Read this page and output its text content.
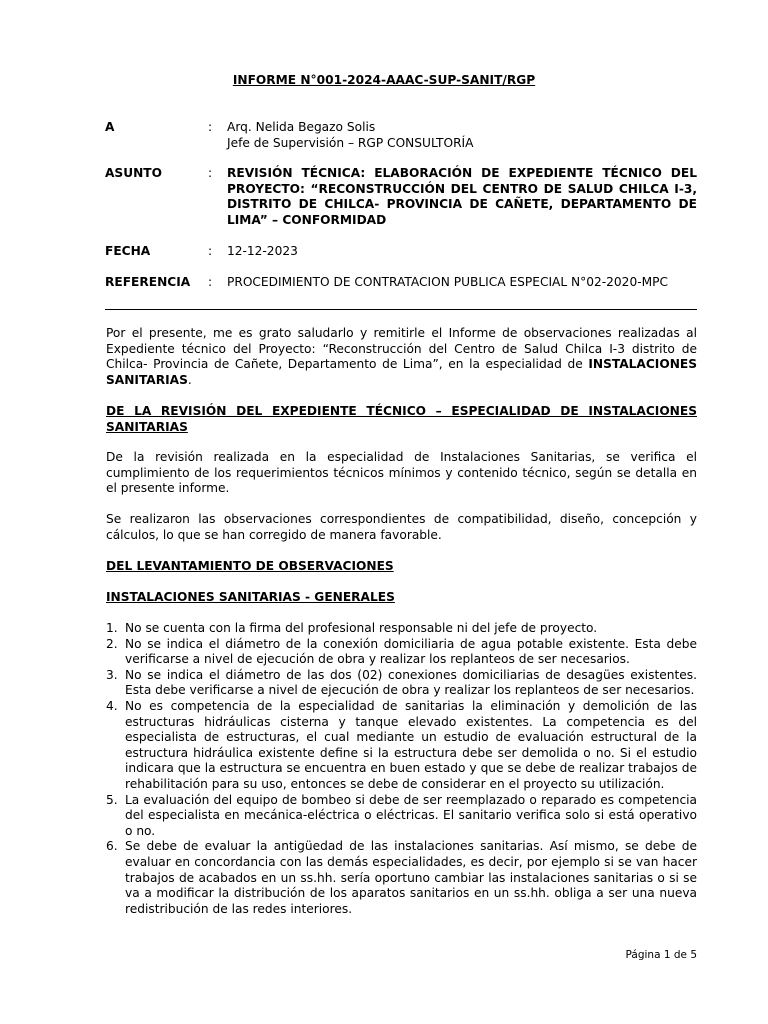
INFORME N°001-2024-AAAC-SUP-SANIT/RGP
A	: Arq. Nelida Begazo Solis
Jefe de Supervisión – RGP CONSULTORÍA
ASUNTO	: REVISIÓN TÉCNICA: ELABORACIÓN DE EXPEDIENTE TÉCNICO DEL PROYECTO: “RECONSTRUCCIÓN DEL CENTRO DE SALUD CHILCA I-3, DISTRITO DE CHILCA- PROVINCIA DE CAÑETE, DEPARTAMENTO DE LIMA” – CONFORMIDAD
FECHA	: 12-12-2023
REFERENCIA : PROCEDIMIENTO DE CONTRATACION PUBLICA ESPECIAL N°02-2020-MPC
Por el presente, me es grato saludarlo y remitirle el Informe de observaciones realizadas al Expediente técnico del Proyecto: “Reconstrucción del Centro de Salud Chilca I-3 distrito de Chilca- Provincia de Cañete, Departamento de Lima”, en la especialidad de INSTALACIONES SANITARIAS.
DE LA REVISIÓN DEL EXPEDIENTE TÉCNICO – ESPECIALIDAD DE INSTALACIONES SANITARIAS
De la revisión realizada en la especialidad de Instalaciones Sanitarias, se verifica el cumplimiento de los requerimientos técnicos mínimos y contenido técnico, según se detalla en el presente informe.
Se realizaron las observaciones correspondientes de compatibilidad, diseño, concepción y cálculos, lo que se han corregido de manera favorable.
DEL LEVANTAMIENTO DE OBSERVACIONES
INSTALACIONES SANITARIAS - GENERALES
1. No se cuenta con la firma del profesional responsable ni del jefe de proyecto.
2. No se indica el diámetro de la conexión domiciliaria de agua potable existente. Esta debe verificarse a nivel de ejecución de obra y realizar los replanteos de ser necesarios.
3. No se indica el diámetro de las dos (02) conexiones domiciliarias de desagües existentes. Esta debe verificarse a nivel de ejecución de obra y realizar los replanteos de ser necesarios.
4. No es competencia de la especialidad de sanitarias la eliminación y demolición de las estructuras hidráulicas cisterna y tanque elevado existentes. La competencia es del especialista de estructuras, el cual mediante un estudio de evaluación estructural de la estructura hidráulica existente define si la estructura debe ser demolida o no. Si el estudio indicara que la estructura se encuentra en buen estado y que se debe de realizar trabajos de rehabilitación para su uso, entonces se debe de considerar en el proyecto su utilización.
5. La evaluación del equipo de bombeo si debe de ser reemplazado o reparado es competencia del especialista en mecánica-eléctrica o eléctricas. El sanitario verifica solo si está operativo o no.
6. Se debe de evaluar la antigüedad de las instalaciones sanitarias. Así mismo, se debe de evaluar en concordancia con las demás especialidades, es decir, por ejemplo si se van hacer trabajos de acabados en un ss.hh. sería oportuno cambiar las instalaciones sanitarias o si se va a modificar la distribución de los aparatos sanitarios en un ss.hh. obliga a ser una nueva redistribución de las redes interiores.
Página 1 de 5
